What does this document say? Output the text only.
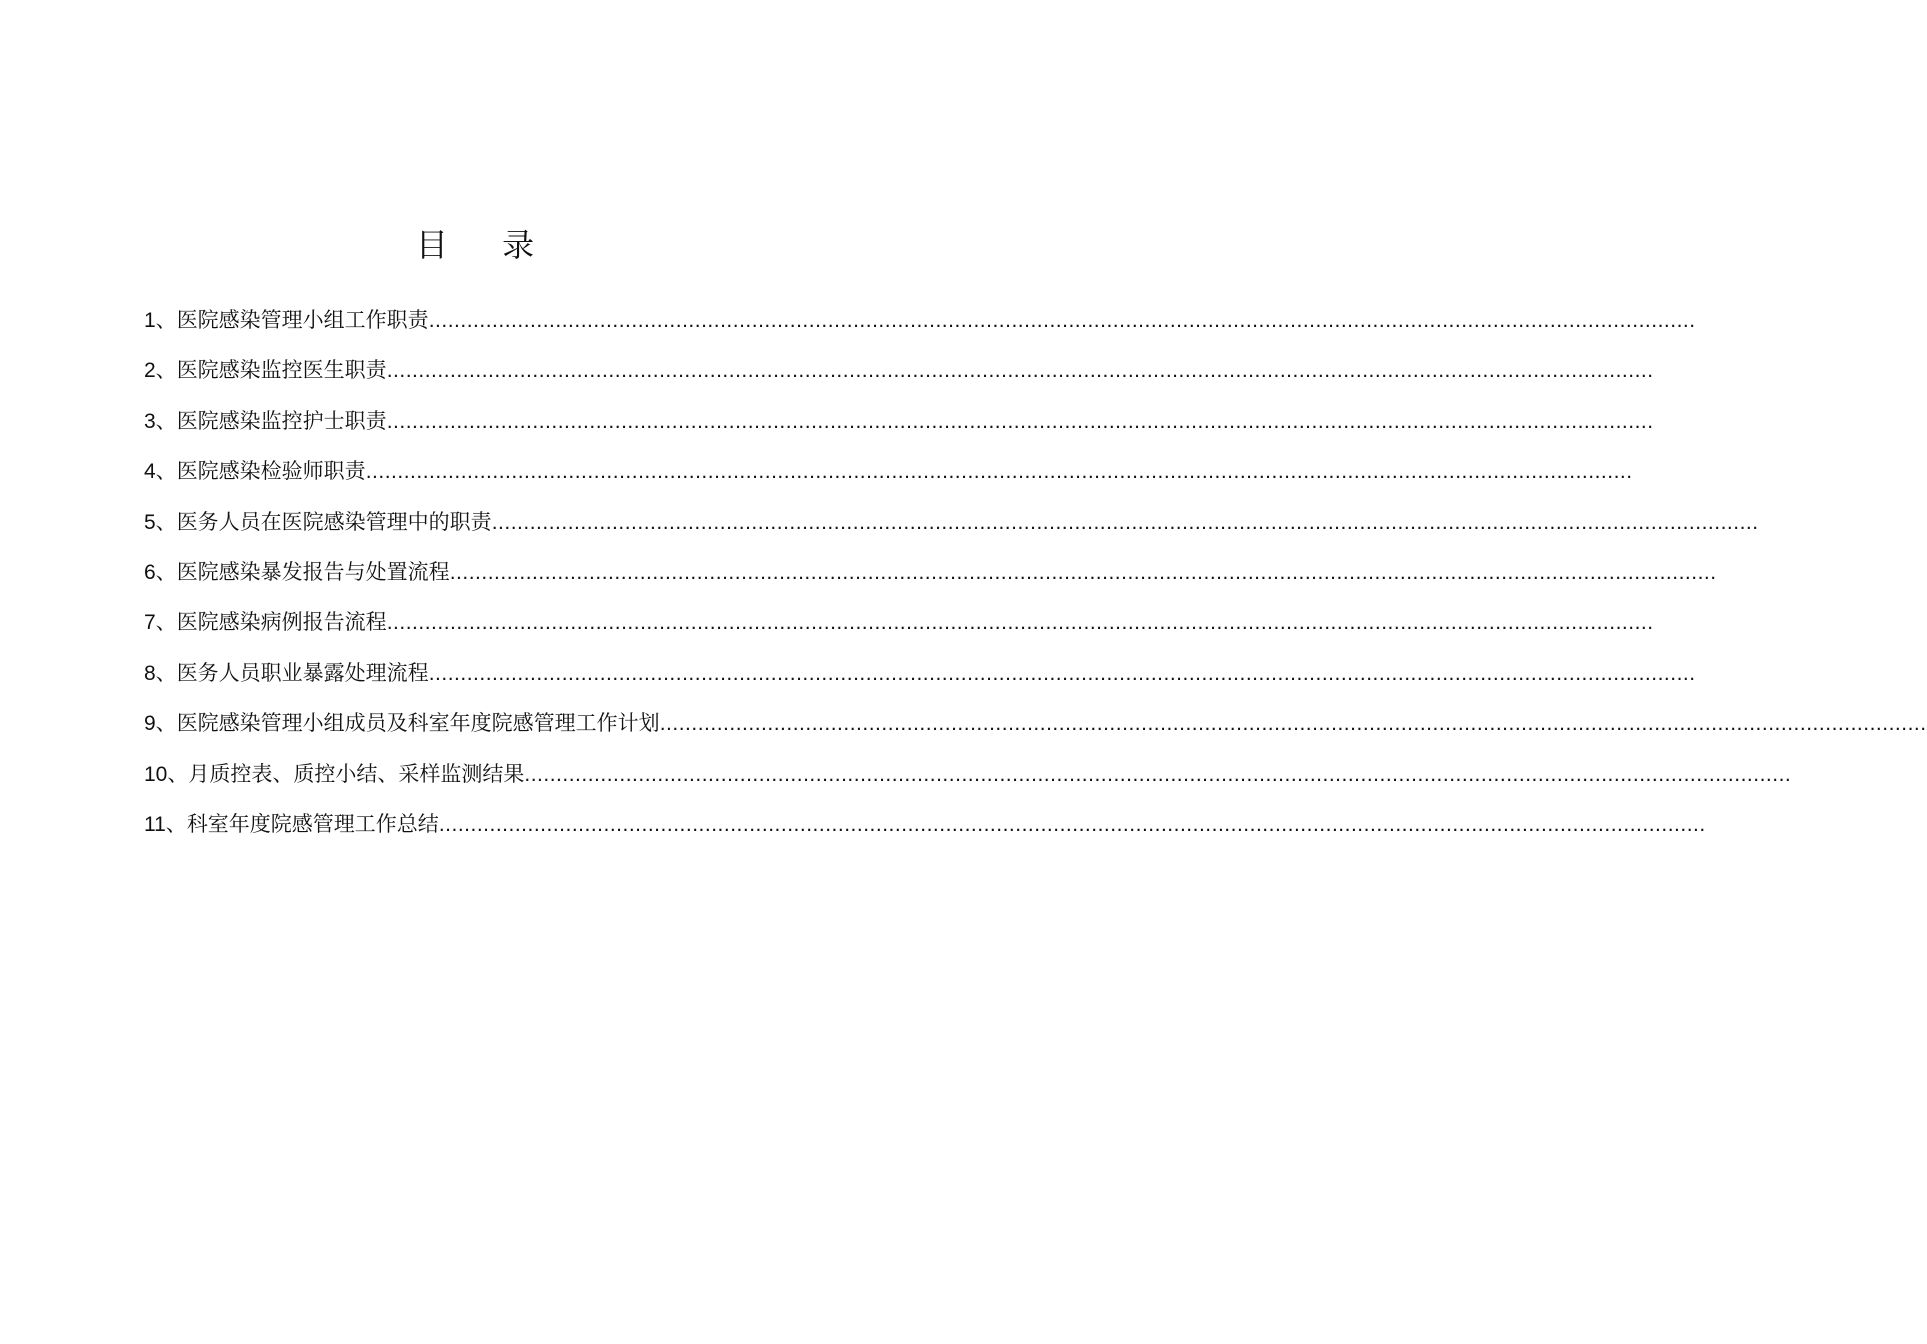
目 录
1、 医院感染管理小组工作职责 ........................................................................................................................................................................................................
2、 医院感染监控医生职责 ........................................................................................................................................................................................................
3、 医院感染监控护士职责 ........................................................................................................................................................................................................
4、 医院感染检验师职责 ........................................................................................................................................................................................................
5、 医务人员在医院感染管理中的职责 ........................................................................................................................................................................................................
6、 医院感染暴发报告与处置流程 ........................................................................................................................................................................................................
7、 医院感染病例报告流程 ........................................................................................................................................................................................................
8、 医务人员职业暴露处理流程 ........................................................................................................................................................................................................
9、 医院感染管理小组成员及科室年度院感管理工作计划 ........................................................................................................................................................................................................
10、 月质控表、质控小结、采样监测结果 ........................................................................................................................................................................................................
11、 科室年度院感管理工作总结 ........................................................................................................................................................................................................
